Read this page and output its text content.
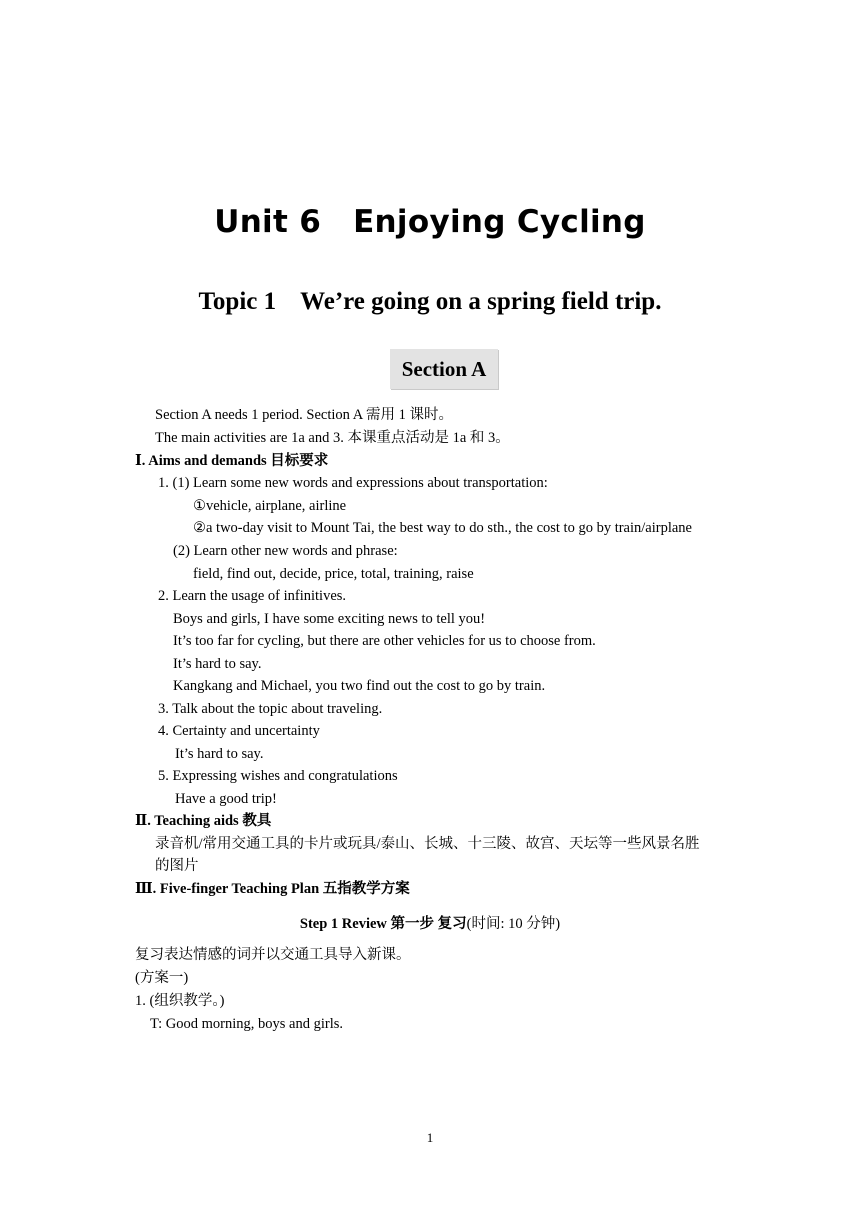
Unit 6 Enjoying Cycling
Topic 1 We’re going on a spring field trip.
Section A
Section A needs 1 period. Section A 需用 1 课时。
The main activities are 1a and 3. 本课重点活动是 1a 和 3。
Ⅰ. Aims and demands 目标要求
1. (1) Learn some new words and expressions about transportation:
①vehicle, airplane, airline
②a two-day visit to Mount Tai, the best way to do sth., the cost to go by train/airplane
(2) Learn other new words and phrase:
field, find out, decide, price, total, training, raise
2. Learn the usage of infinitives.
Boys and girls, I have some exciting news to tell you!
It’s too far for cycling, but there are other vehicles for us to choose from.
It’s hard to say.
Kangkang and Michael, you two find out the cost to go by train.
3. Talk about the topic about traveling.
4. Certainty and uncertainty
It’s hard to say.
5. Expressing wishes and congratulations
Have a good trip!
Ⅱ. Teaching aids 教具
录音机/常用交通工具的卡片或玩具/泰山、长城、十三陵、故宫、天坛等一些风景名胜
的图片
Ⅲ. Five-finger Teaching Plan 五指教学方案
Step 1 Review 第一步 复习(时间: 10 分钟)
复习表达情感的词并以交通工具导入新课。
(方案一)
1. (组织教学。)
T: Good morning, boys and girls.
1
